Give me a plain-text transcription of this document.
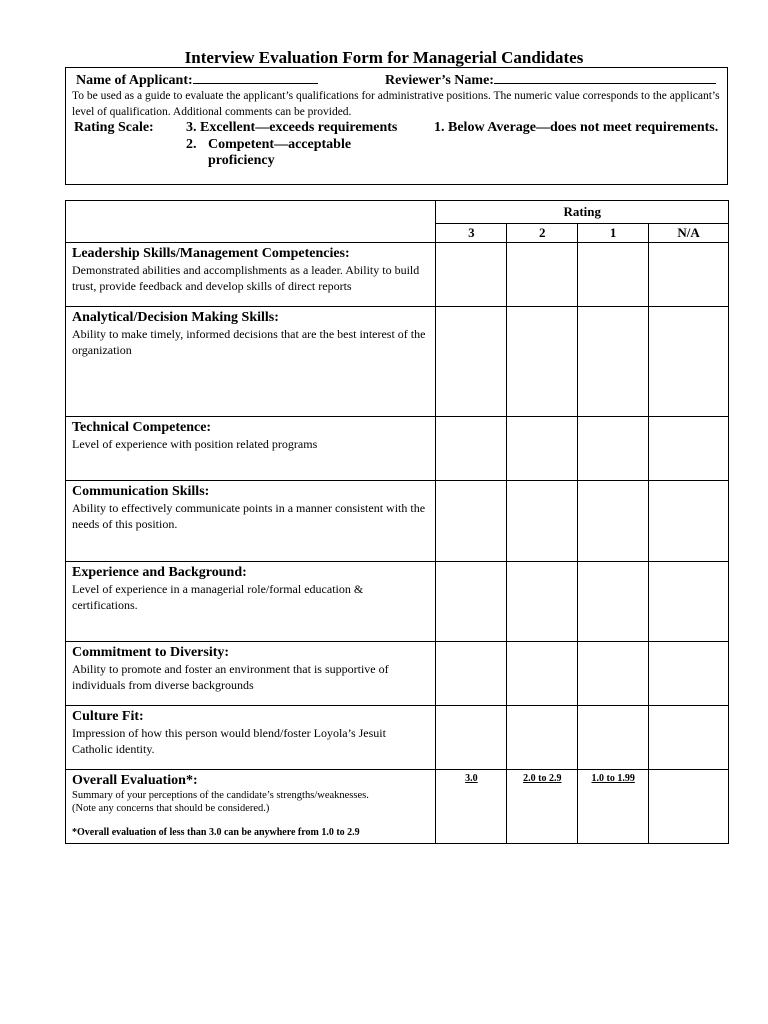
Interview Evaluation Form for Managerial Candidates
Name of Applicant:	Reviewer’s Name:
To be used as a guide to evaluate the applicant’s qualifications for administrative positions. The numeric value corresponds to the applicant’s level of qualification. Additional comments can be provided.
Rating Scale: 3. Excellent—exceeds requirements	1. Below Average—does not meet requirements.
2. Competent—acceptable proficiency
	Rating			
	3	2	1	N/A

Leadership Skills/Management Competencies:
Demonstrated abilities and accomplishments as a leader. Ability to build trust, provide feedback and develop skills of direct reports				

Analytical/Decision Making Skills:
Ability to make timely, informed decisions that are the best interest of the organization				

Technical Competence:
Level of experience with position related programs				

Communication Skills:
Ability to effectively communicate points in a manner consistent with the needs of this position.				

Experience and Background:
Level of experience in a managerial role/formal education & certifications.				

Commitment to Diversity:
Ability to promote and foster an environment that is supportive of individuals from diverse backgrounds				

Culture Fit:
Impression of how this person would blend/foster Loyola’s Jesuit Catholic identity.				

Overall Evaluation*:
Summary of your perceptions of the candidate’s strengths/weaknesses.
(Note any concerns that should be considered.)
*Overall evaluation of less than 3.0 can be anywhere from 1.0 to 2.9	3.0	2.0 to 2.9	1.0 to 1.99	
